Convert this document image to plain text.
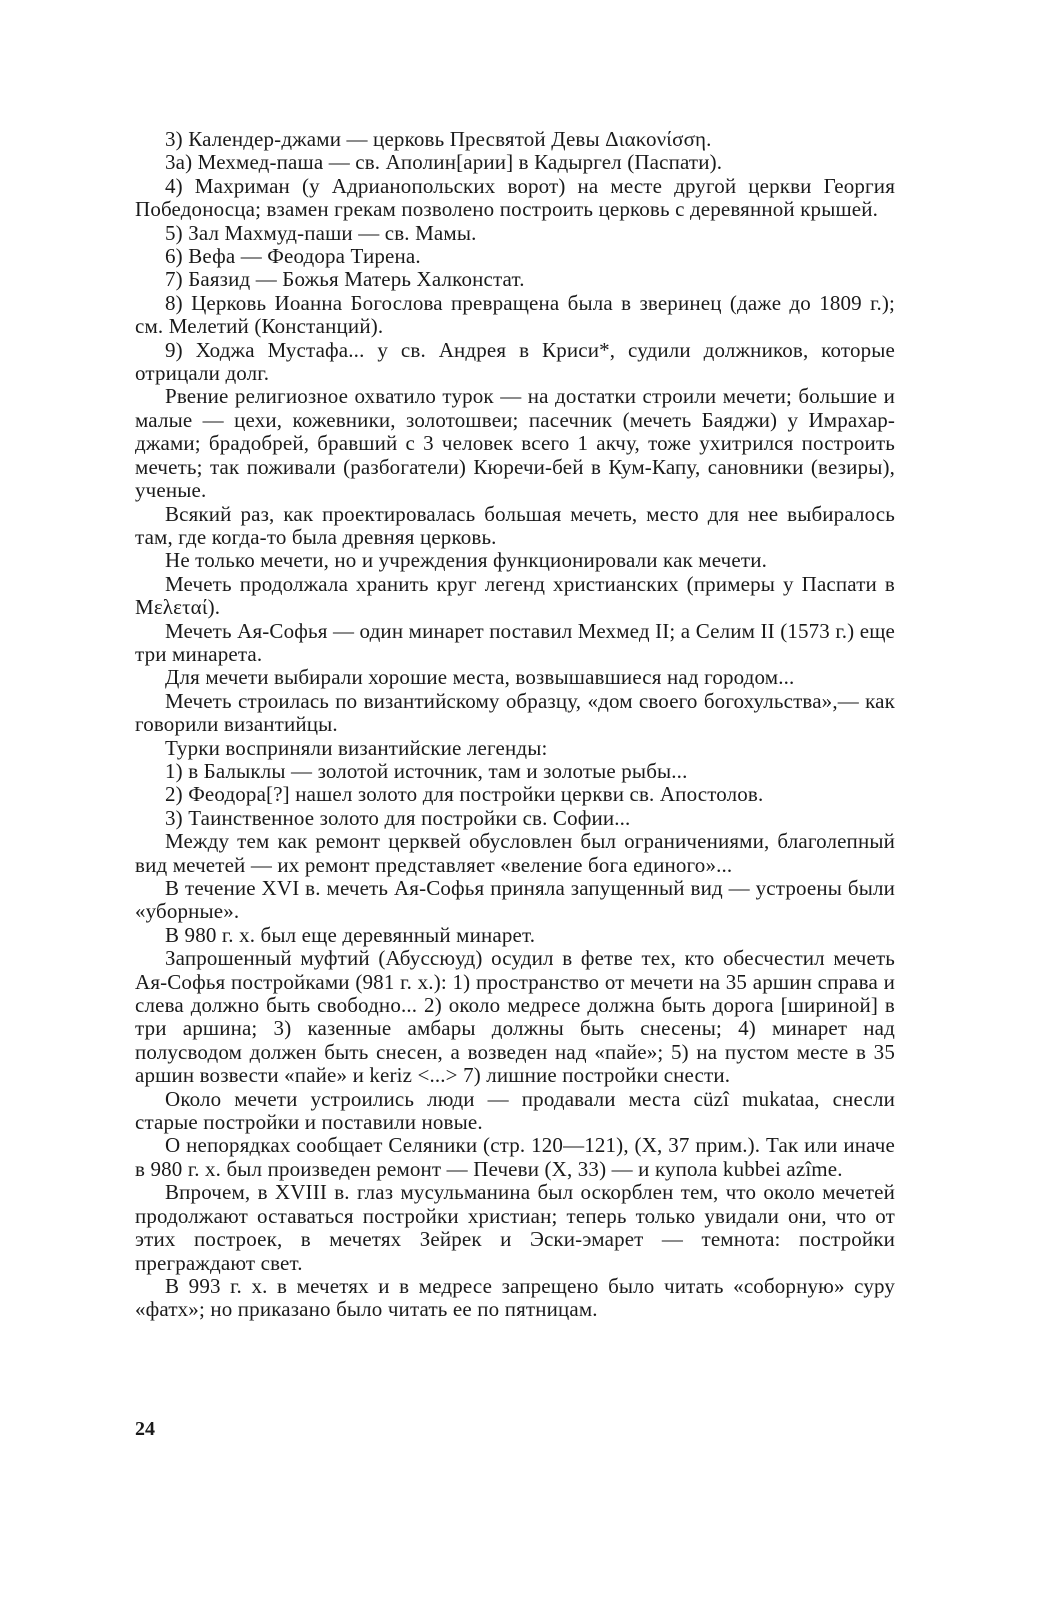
3) Календер-джами — церковь Пресвятой Девы Διακονίσση.

3а) Мехмед-паша — св. Аполин[арии] в Кадыргел (Паспати).

4) Махриман (у Адрианопольских ворот) на месте другой церкви Георгия Победоносца; взамен грекам позволено построить церковь с деревянной крышей.

5) Зал Махмуд-паши — св. Мамы.

6) Вефа — Феодора Тирена.

7) Баязид — Божья Матерь Халконстат.

8) Церковь Иоанна Богослова превращена была в зверинец (даже до 1809 г.); см. Мелетий (Констанций).

9) Ходжа Мустафа... у св. Андрея в Криси*, судили должников, которые отрицали долг.

Рвение религиозное охватило турок — на достатки строили мечети; большие и малые — цехи, кожевники, золотошвеи; пасечник (мечеть Баяджи) у Имрахар-джами; брадобрей, бравший с 3 человек всего 1 акчу, тоже ухитрился построить мечеть; так поживали (разбогатели) Кюречи-бей в Кум-Капу, сановники (везиры), ученые.

Всякий раз, как проектировалась большая мечеть, место для нее выбиралось там, где когда-то была древняя церковь.

Не только мечети, но и учреждения функционировали как мечети.

Мечеть продолжала хранить круг легенд христианских (примеры у Паспати в Μελεταί).

Мечеть Ая-Софья — один минарет поставил Мехмед II; а Селим II (1573 г.) еще три минарета.

Для мечети выбирали хорошие места, возвышавшиеся над городом...

Мечеть строилась по византийскому образцу, «дом своего богохульства»,— как говорили византийцы.

Турки восприняли византийские легенды:

1) в Балыклы — золотой источник, там и золотые рыбы...

2) Феодора[?] нашел золото для постройки церкви св. Апостолов.

3) Таинственное золото для постройки св. Софии...

Между тем как ремонт церквей обусловлен был ограничениями, благолепный вид мечетей — их ремонт представляет «веление бога единого»...

В течение XVI в. мечеть Ая-Софья приняла запущенный вид — устроены были «уборные».

В 980 г. х. был еще деревянный минарет.

Запрошенный муфтий (Абуссюуд) осудил в фетве тех, кто обесчестил мечеть Ая-Софья постройками (981 г. х.): 1) пространство от мечети на 35 аршин справа и слева должно быть свободно... 2) около медресе должна быть дорога [шириной] в три аршина; 3) казенные амбары должны быть снесены; 4) минарет над полусводом должен быть снесен, а возведен над «пайе»; 5) на пустом месте в 35 аршин возвести «пайе» и keriz <...> 7) лишние постройки снести.

Около мечети устроились люди — продавали места cüzî mukataa, снесли старые постройки и поставили новые.

О непорядках сообщает Селяники (стр. 120—121), (X, 37 прим.). Так или иначе в 980 г. х. был произведен ремонт — Печеви (X, 33) — и купола kubbei azîme.

Впрочем, в XVIII в. глаз мусульманина был оскорблен тем, что около мечетей продолжают оставаться постройки христиан; теперь только увидали они, что от этих построек, в мечетях Зейрек и Эски-эмарет — темнота: постройки преграждают свет.

В 993 г. х. в мечетях и в медресе запрещено было читать «соборную» суру «фатх»; но приказано было читать ее по пятницам.

24
